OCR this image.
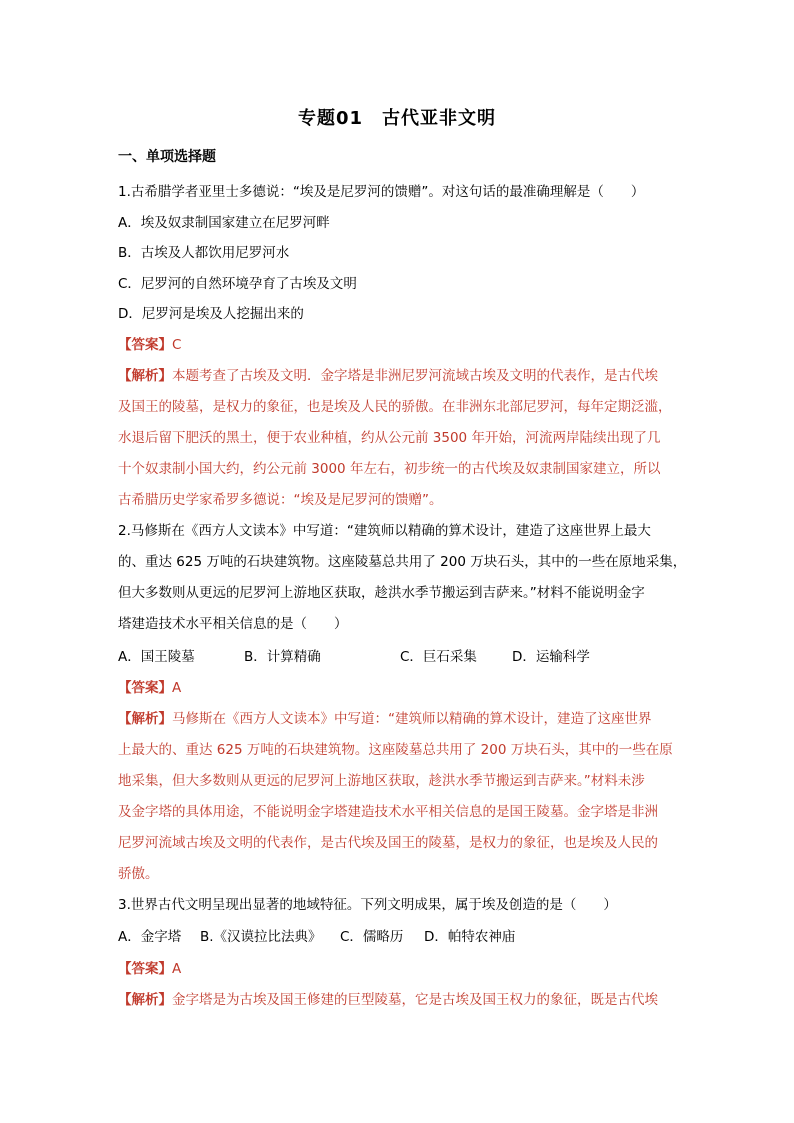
专题01　古代亚非文明
一、单项选择题
1.古希腊学者亚里士多德说：“埃及是尼罗河的馈赠”。对这句话的最准确理解是（　　）
A．埃及奴隶制国家建立在尼罗河畔
B．古埃及人都饮用尼罗河水
C．尼罗河的自然环境孕育了古埃及文明
D．尼罗河是埃及人挖掘出来的
【答案】C
【解析】本题考查了古埃及文明．金字塔是非洲尼罗河流域古埃及文明的代表作，是古代埃
及国王的陵墓，是权力的象征，也是埃及人民的骄傲。在非洲东北部尼罗河，每年定期泛滥，
水退后留下肥沃的黑土，便于农业种植，约从公元前 3500 年开始，河流两岸陆续出现了几
十个奴隶制小国大约，约公元前 3000 年左右，初步统一的古代埃及奴隶制国家建立，所以
古希腊历史学家希罗多德说：“埃及是尼罗河的馈赠”。
2.马修斯在《西方人文读本》中写道：“建筑师以精确的算术设计，建造了这座世界上最大
的、重达 625 万吨的石块建筑物。这座陵墓总共用了 200 万块石头，其中的一些在原地采集，
但大多数则从更远的尼罗河上游地区获取，趁洪水季节搬运到吉萨来。”材料不能说明金字
塔建造技术水平相关信息的是（　　）
A．国王陵墓	B．计算精确	C．巨石采集	D．运输科学
【答案】A
【解析】马修斯在《西方人文读本》中写道：“建筑师以精确的算术设计，建造了这座世界
上最大的、重达 625 万吨的石块建筑物。这座陵墓总共用了 200 万块石头，其中的一些在原
地采集，但大多数则从更远的尼罗河上游地区获取，趁洪水季节搬运到吉萨来。”材料未涉
及金字塔的具体用途，不能说明金字塔建造技术水平相关信息的是国王陵墓。金字塔是非洲
尼罗河流域古埃及文明的代表作，是古代埃及国王的陵墓，是权力的象征，也是埃及人民的
骄傲。
3.世界古代文明呈现出显著的地域特征。下列文明成果，属于埃及创造的是（　　）
A．金字塔 B.《汉谟拉比法典》 C．儒略历 D．帕特农神庙
【答案】A
【解析】金字塔是为古埃及国王修建的巨型陵墓，它是古埃及国王权力的象征，既是古代埃
